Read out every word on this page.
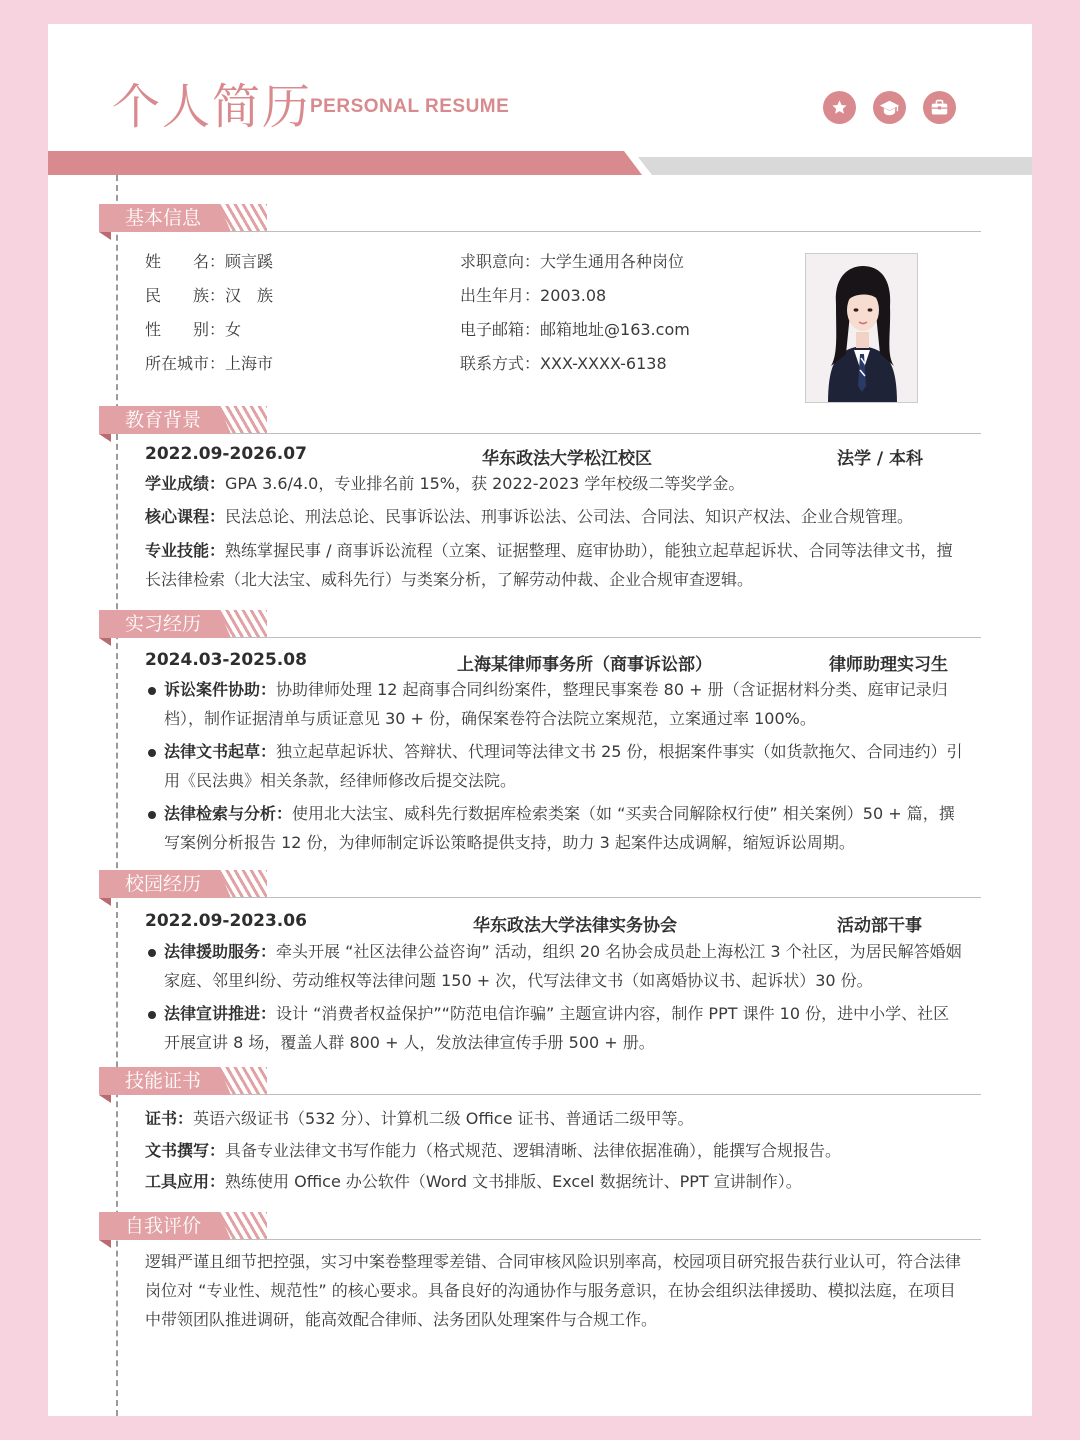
个人简历
PERSONAL RESUME
基本信息
姓　　名：顾言蹊
民　　族：汉　族
性　　别：女
所在城市：上海市
求职意向：大学生通用各种岗位
出生年月：2003.08
电子邮箱：邮箱地址@163.com
联系方式：XXX-XXXX-6138
教育背景
2022.09-2026.07	华东政法大学松江校区	法学 / 本科
学业成绩：GPA 3.6/4.0，专业排名前 15%，获 2022-2023 学年校级二等奖学金。
核心课程：民法总论、刑法总论、民事诉讼法、刑事诉讼法、公司法、合同法、知识产权法、企业合规管理。
专业技能：熟练掌握民事 / 商事诉讼流程（立案、证据整理、庭审协助），能独立起草起诉状、合同等法律文书，擅长法律检索（北大法宝、威科先行）与类案分析，了解劳动仲裁、企业合规审查逻辑。
实习经历
2024.03-2025.08	上海某律师事务所（商事诉讼部）	律师助理实习生
诉讼案件协助：协助律师处理 12 起商事合同纠纷案件，整理民事案卷 80 + 册（含证据材料分类、庭审记录归档），制作证据清单与质证意见 30 + 份，确保案卷符合法院立案规范，立案通过率 100%。
法律文书起草：独立起草起诉状、答辩状、代理词等法律文书 25 份，根据案件事实（如货款拖欠、合同违约）引用《民法典》相关条款，经律师修改后提交法院。
法律检索与分析：使用北大法宝、威科先行数据库检索类案（如 “买卖合同解除权行使” 相关案例）50 + 篇，撰写案例分析报告 12 份，为律师制定诉讼策略提供支持，助力 3 起案件达成调解，缩短诉讼周期。
校园经历
2022.09-2023.06	华东政法大学法律实务协会	活动部干事
法律援助服务：牵头开展 “社区法律公益咨询” 活动，组织 20 名协会成员赴上海松江 3 个社区，为居民解答婚姻家庭、邻里纠纷、劳动维权等法律问题 150 + 次，代写法律文书（如离婚协议书、起诉状）30 份。
法律宣讲推进：设计 “消费者权益保护”“防范电信诈骗” 主题宣讲内容，制作 PPT 课件 10 份，进中小学、社区开展宣讲 8 场，覆盖人群 800 + 人，发放法律宣传手册 500 + 册。
技能证书
证书：英语六级证书（532 分）、计算机二级 Office 证书、普通话二级甲等。
文书撰写：具备专业法律文书写作能力（格式规范、逻辑清晰、法律依据准确），能撰写合规报告。
工具应用：熟练使用 Office 办公软件（Word 文书排版、Excel 数据统计、PPT 宣讲制作）。
自我评价
逻辑严谨且细节把控强，实习中案卷整理零差错、合同审核风险识别率高，校园项目研究报告获行业认可，符合法律岗位对 “专业性、规范性” 的核心要求。具备良好的沟通协作与服务意识，在协会组织法律援助、模拟法庭，在项目中带领团队推进调研，能高效配合律师、法务团队处理案件与合规工作。
